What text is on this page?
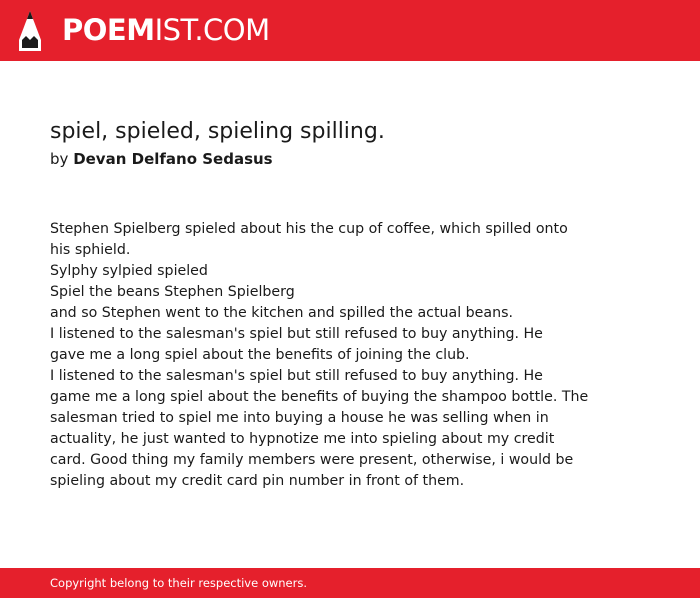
POEMIST.COM
spiel, spieled, spieling spilling.
by Devan Delfano Sedasus
Stephen Spielberg spieled about his the cup of coffee, which spilled onto
his sphield.
Sylphy sylpied spieled
Spiel the beans Stephen Spielberg
and so Stephen went to the kitchen and spilled the actual beans.
I listened to the salesman's spiel but still refused to buy anything. He
gave me a long spiel about the benefits of joining the club.
I listened to the salesman's spiel but still refused to buy anything. He
game me a long spiel about the benefits of buying the shampoo bottle. The
salesman tried to spiel me into buying a house he was selling when in
actuality, he just wanted to hypnotize me into spieling about my credit
card. Good thing my family members were present, otherwise, i would be
spieling about my credit card pin number in front of them.
Copyright belong to their respective owners.
